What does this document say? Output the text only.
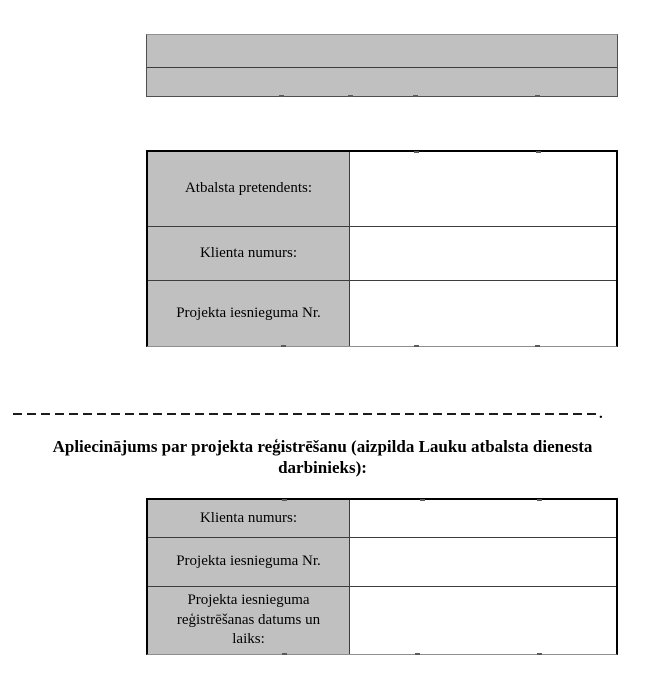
Atbalsta pretendents:
Klienta numurs:
Projekta iesnieguma Nr.
.
Apliecinājums par projekta reģistrēšanu (aizpilda Lauku atbalsta dienesta darbinieks):
Klienta numurs:
Projekta iesnieguma Nr.
Projekta iesnieguma reģistrēšanas datums un laiks:
